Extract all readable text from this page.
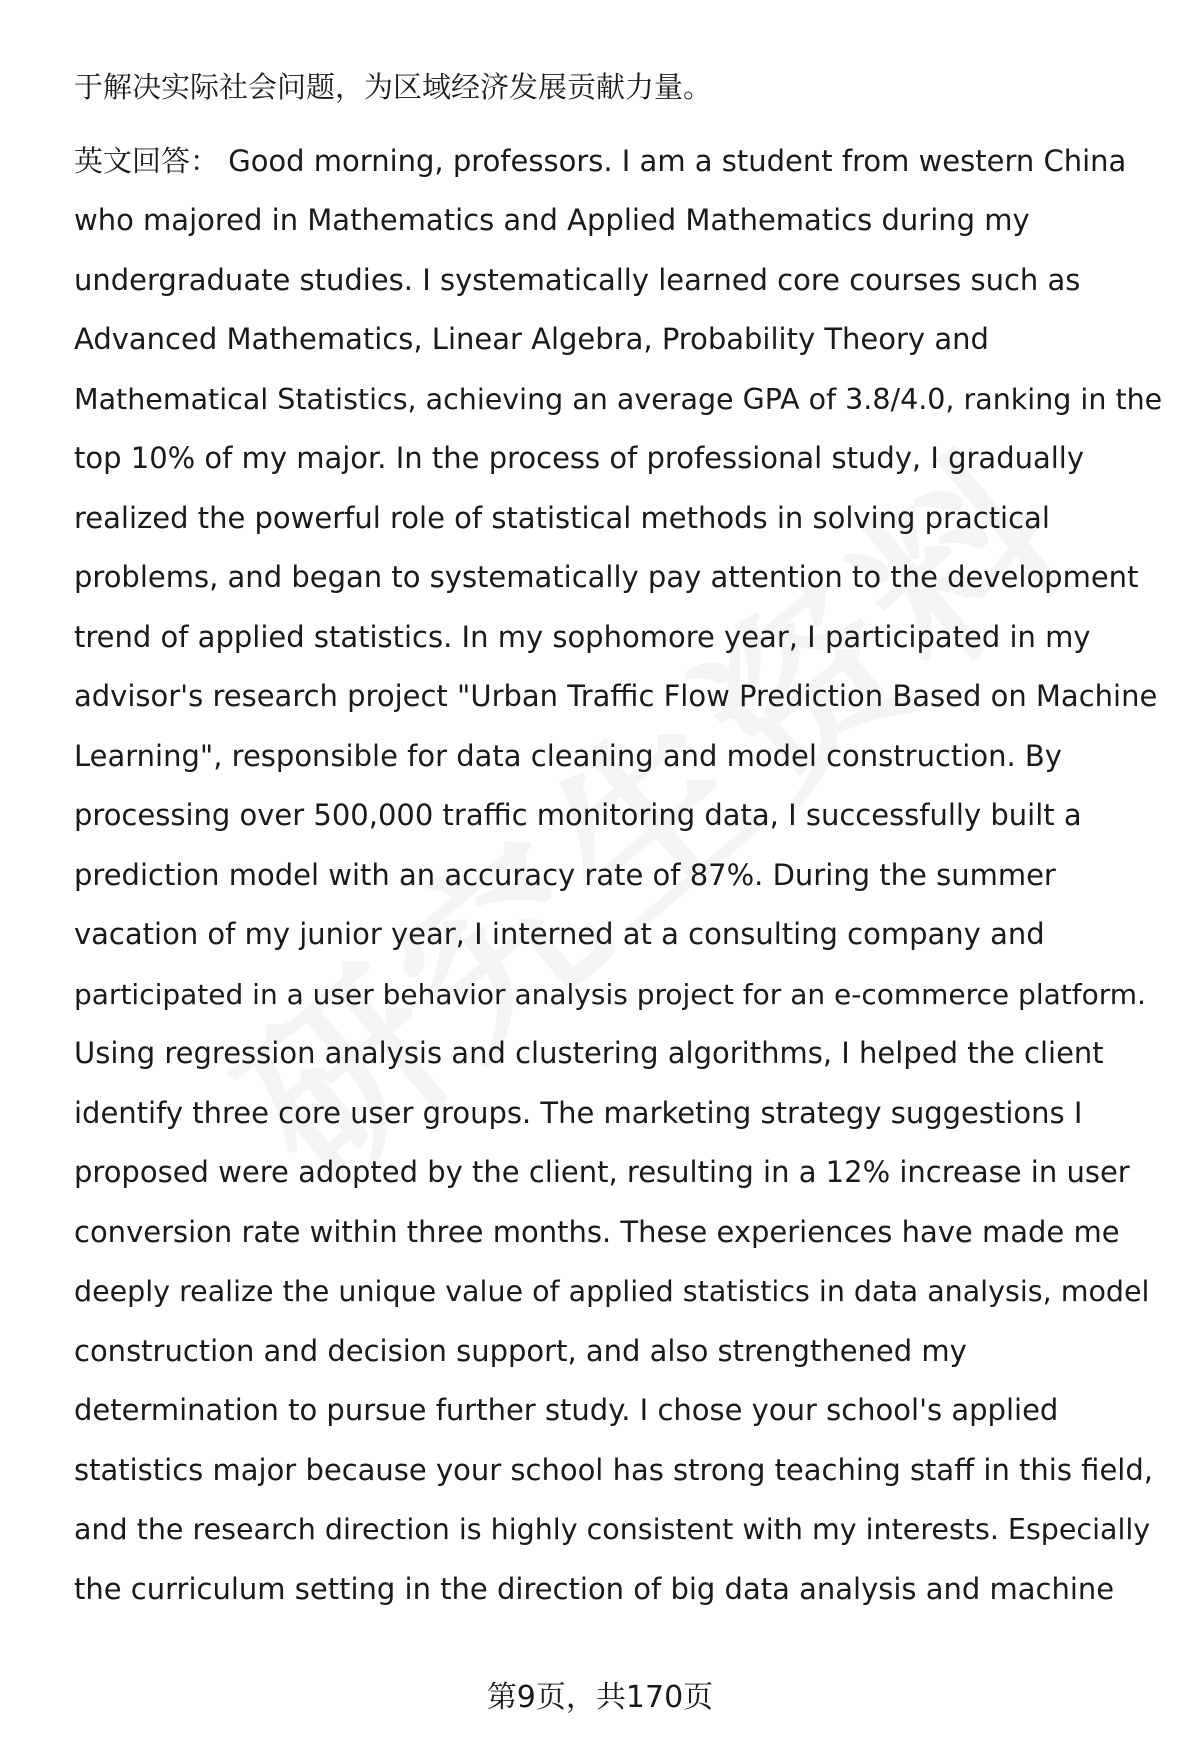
于解决实际社会问题，为区域经济发展贡献力量。
英文回答： Good morning, professors. I am a student from western China
who majored in Mathematics and Applied Mathematics during my
undergraduate studies. I systematically learned core courses such as
Advanced Mathematics, Linear Algebra, Probability Theory and
Mathematical Statistics, achieving an average GPA of 3.8/4.0, ranking in the
top 10% of my major. In the process of professional study, I gradually
realized the powerful role of statistical methods in solving practical
problems, and began to systematically pay attention to the development
trend of applied statistics. In my sophomore year, I participated in my
advisor's research project "Urban Traffic Flow Prediction Based on Machine
Learning", responsible for data cleaning and model construction. By
processing over 500,000 traffic monitoring data, I successfully built a
prediction model with an accuracy rate of 87%. During the summer
vacation of my junior year, I interned at a consulting company and
participated in a user behavior analysis project for an e-commerce platform.
Using regression analysis and clustering algorithms, I helped the client
identify three core user groups. The marketing strategy suggestions I
proposed were adopted by the client, resulting in a 12% increase in user
conversion rate within three months. These experiences have made me
deeply realize the unique value of applied statistics in data analysis, model
construction and decision support, and also strengthened my
determination to pursue further study. I chose your school's applied
statistics major because your school has strong teaching staff in this field,
and the research direction is highly consistent with my interests. Especially
the curriculum setting in the direction of big data analysis and machine
第9页，共170页
